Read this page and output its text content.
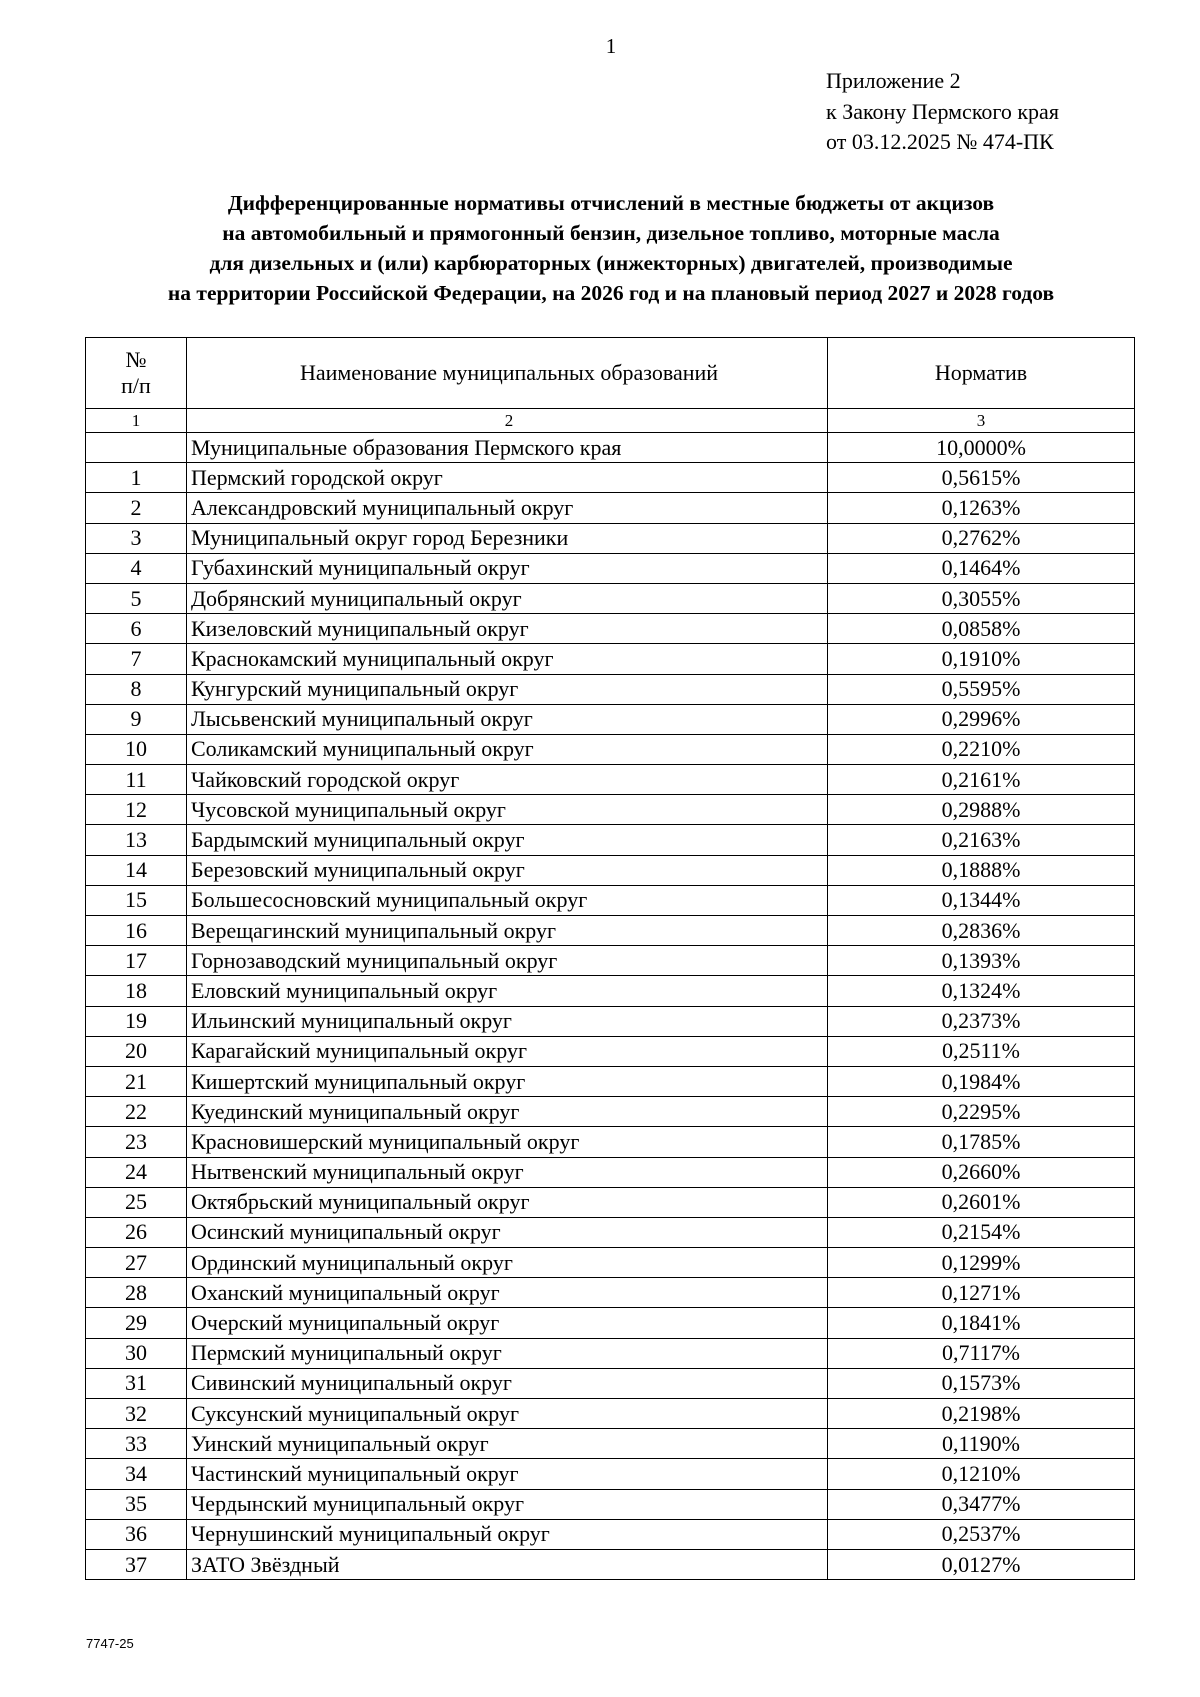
1
Приложение 2
к Закону Пермского края
от 03.12.2025 № 474-ПК
Дифференцированные нормативы отчислений в местные бюджеты от акцизов
на автомобильный и прямогонный бензин, дизельное топливо, моторные масла
для дизельных и (или) карбюраторных (инжекторных) двигателей, производимые
на территории Российской Федерации, на 2026 год и на плановый период 2027 и 2028 годов
№
п/п	Наименование муниципальных образований	Норматив
1	2	3
	Муниципальные образования Пермского края	10,0000%
1	Пермский городской округ	0,5615%
2	Александровский муниципальный округ	0,1263%
3	Муниципальный округ город Березники	0,2762%
4	Губахинский муниципальный округ	0,1464%
5	Добрянский муниципальный округ	0,3055%
6	Кизеловский муниципальный округ	0,0858%
7	Краснокамский муниципальный округ	0,1910%
8	Кунгурский муниципальный округ	0,5595%
9	Лысьвенский муниципальный округ	0,2996%
10	Соликамский муниципальный округ	0,2210%
11	Чайковский городской округ	0,2161%
12	Чусовской муниципальный округ	0,2988%
13	Бардымский муниципальный округ	0,2163%
14	Березовский муниципальный округ	0,1888%
15	Большесосновский муниципальный округ	0,1344%
16	Верещагинский муниципальный округ	0,2836%
17	Горнозаводский муниципальный округ	0,1393%
18	Еловский муниципальный округ	0,1324%
19	Ильинский муниципальный округ	0,2373%
20	Карагайский муниципальный округ	0,2511%
21	Кишертский муниципальный округ	0,1984%
22	Куединский муниципальный округ	0,2295%
23	Красновишерский муниципальный округ	0,1785%
24	Нытвенский муниципальный округ	0,2660%
25	Октябрьский муниципальный округ	0,2601%
26	Осинский муниципальный округ	0,2154%
27	Ординский муниципальный округ	0,1299%
28	Оханский муниципальный округ	0,1271%
29	Очерский муниципальный округ	0,1841%
30	Пермский муниципальный округ	0,7117%
31	Сивинский муниципальный округ	0,1573%
32	Суксунский муниципальный округ	0,2198%
33	Уинский муниципальный округ	0,1190%
34	Частинский муниципальный округ	0,1210%
35	Чердынский муниципальный округ	0,3477%
36	Чернушинский муниципальный округ	0,2537%
37	ЗАТО Звёздный	0,0127%
7747-25
